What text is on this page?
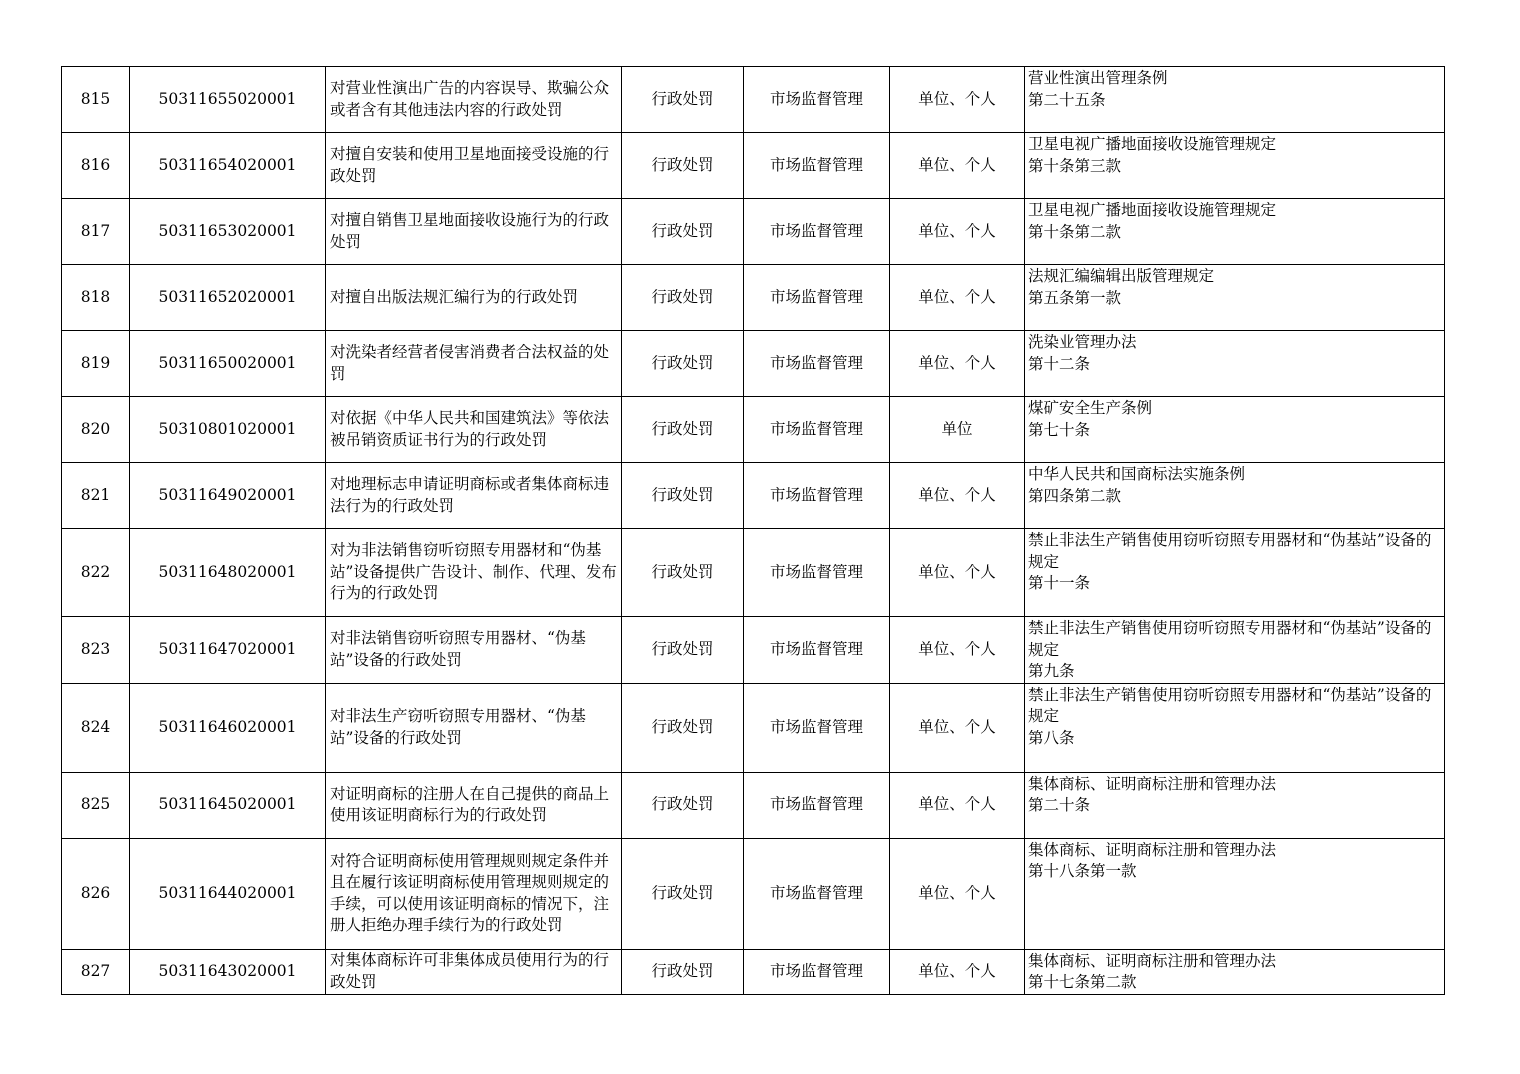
815	50311655020001	对营业性演出广告的内容误导、欺骗公众或者含有其他违法内容的行政处罚	行政处罚	市场监督管理	单位、个人	营业性演出管理条例
第二十五条

816	50311654020001	对擅自安装和使用卫星地面接受设施的行政处罚	行政处罚	市场监督管理	单位、个人	卫星电视广播地面接收设施管理规定
第十条第三款

817	50311653020001	对擅自销售卫星地面接收设施行为的行政处罚	行政处罚	市场监督管理	单位、个人	卫星电视广播地面接收设施管理规定
第十条第二款

818	50311652020001	对擅自出版法规汇编行为的行政处罚	行政处罚	市场监督管理	单位、个人	法规汇编编辑出版管理规定
第五条第一款

819	50311650020001	对洗染者经营者侵害消费者合法权益的处罚	行政处罚	市场监督管理	单位、个人	洗染业管理办法
第十二条

820	50310801020001	对依据《中华人民共和国建筑法》等依法被吊销资质证书行为的行政处罚	行政处罚	市场监督管理	单位	煤矿安全生产条例
第七十条

821	50311649020001	对地理标志申请证明商标或者集体商标违法行为的行政处罚	行政处罚	市场监督管理	单位、个人	中华人民共和国商标法实施条例
第四条第二款

822	50311648020001	对为非法销售窃听窃照专用器材和“伪基站”设备提供广告设计、制作、代理、发布行为的行政处罚	行政处罚	市场监督管理	单位、个人	禁止非法生产销售使用窃听窃照专用器材和“伪基站”设备的规定
第十一条

823	50311647020001	对非法销售窃听窃照专用器材、“伪基站”设备的行政处罚	行政处罚	市场监督管理	单位、个人	禁止非法生产销售使用窃听窃照专用器材和“伪基站”设备的规定
第九条

824	50311646020001	对非法生产窃听窃照专用器材、“伪基站”设备的行政处罚	行政处罚	市场监督管理	单位、个人	禁止非法生产销售使用窃听窃照专用器材和“伪基站”设备的规定
第八条

825	50311645020001	对证明商标的注册人在自己提供的商品上使用该证明商标行为的行政处罚	行政处罚	市场监督管理	单位、个人	集体商标、证明商标注册和管理办法
第二十条

826	50311644020001	对符合证明商标使用管理规则规定条件并且在履行该证明商标使用管理规则规定的手续，可以使用该证明商标的情况下，注册人拒绝办理手续行为的行政处罚	行政处罚	市场监督管理	单位、个人	集体商标、证明商标注册和管理办法
第十八条第一款

827	50311643020001	对集体商标许可非集体成员使用行为的行政处罚	行政处罚	市场监督管理	单位、个人	集体商标、证明商标注册和管理办法
第十七条第二款
